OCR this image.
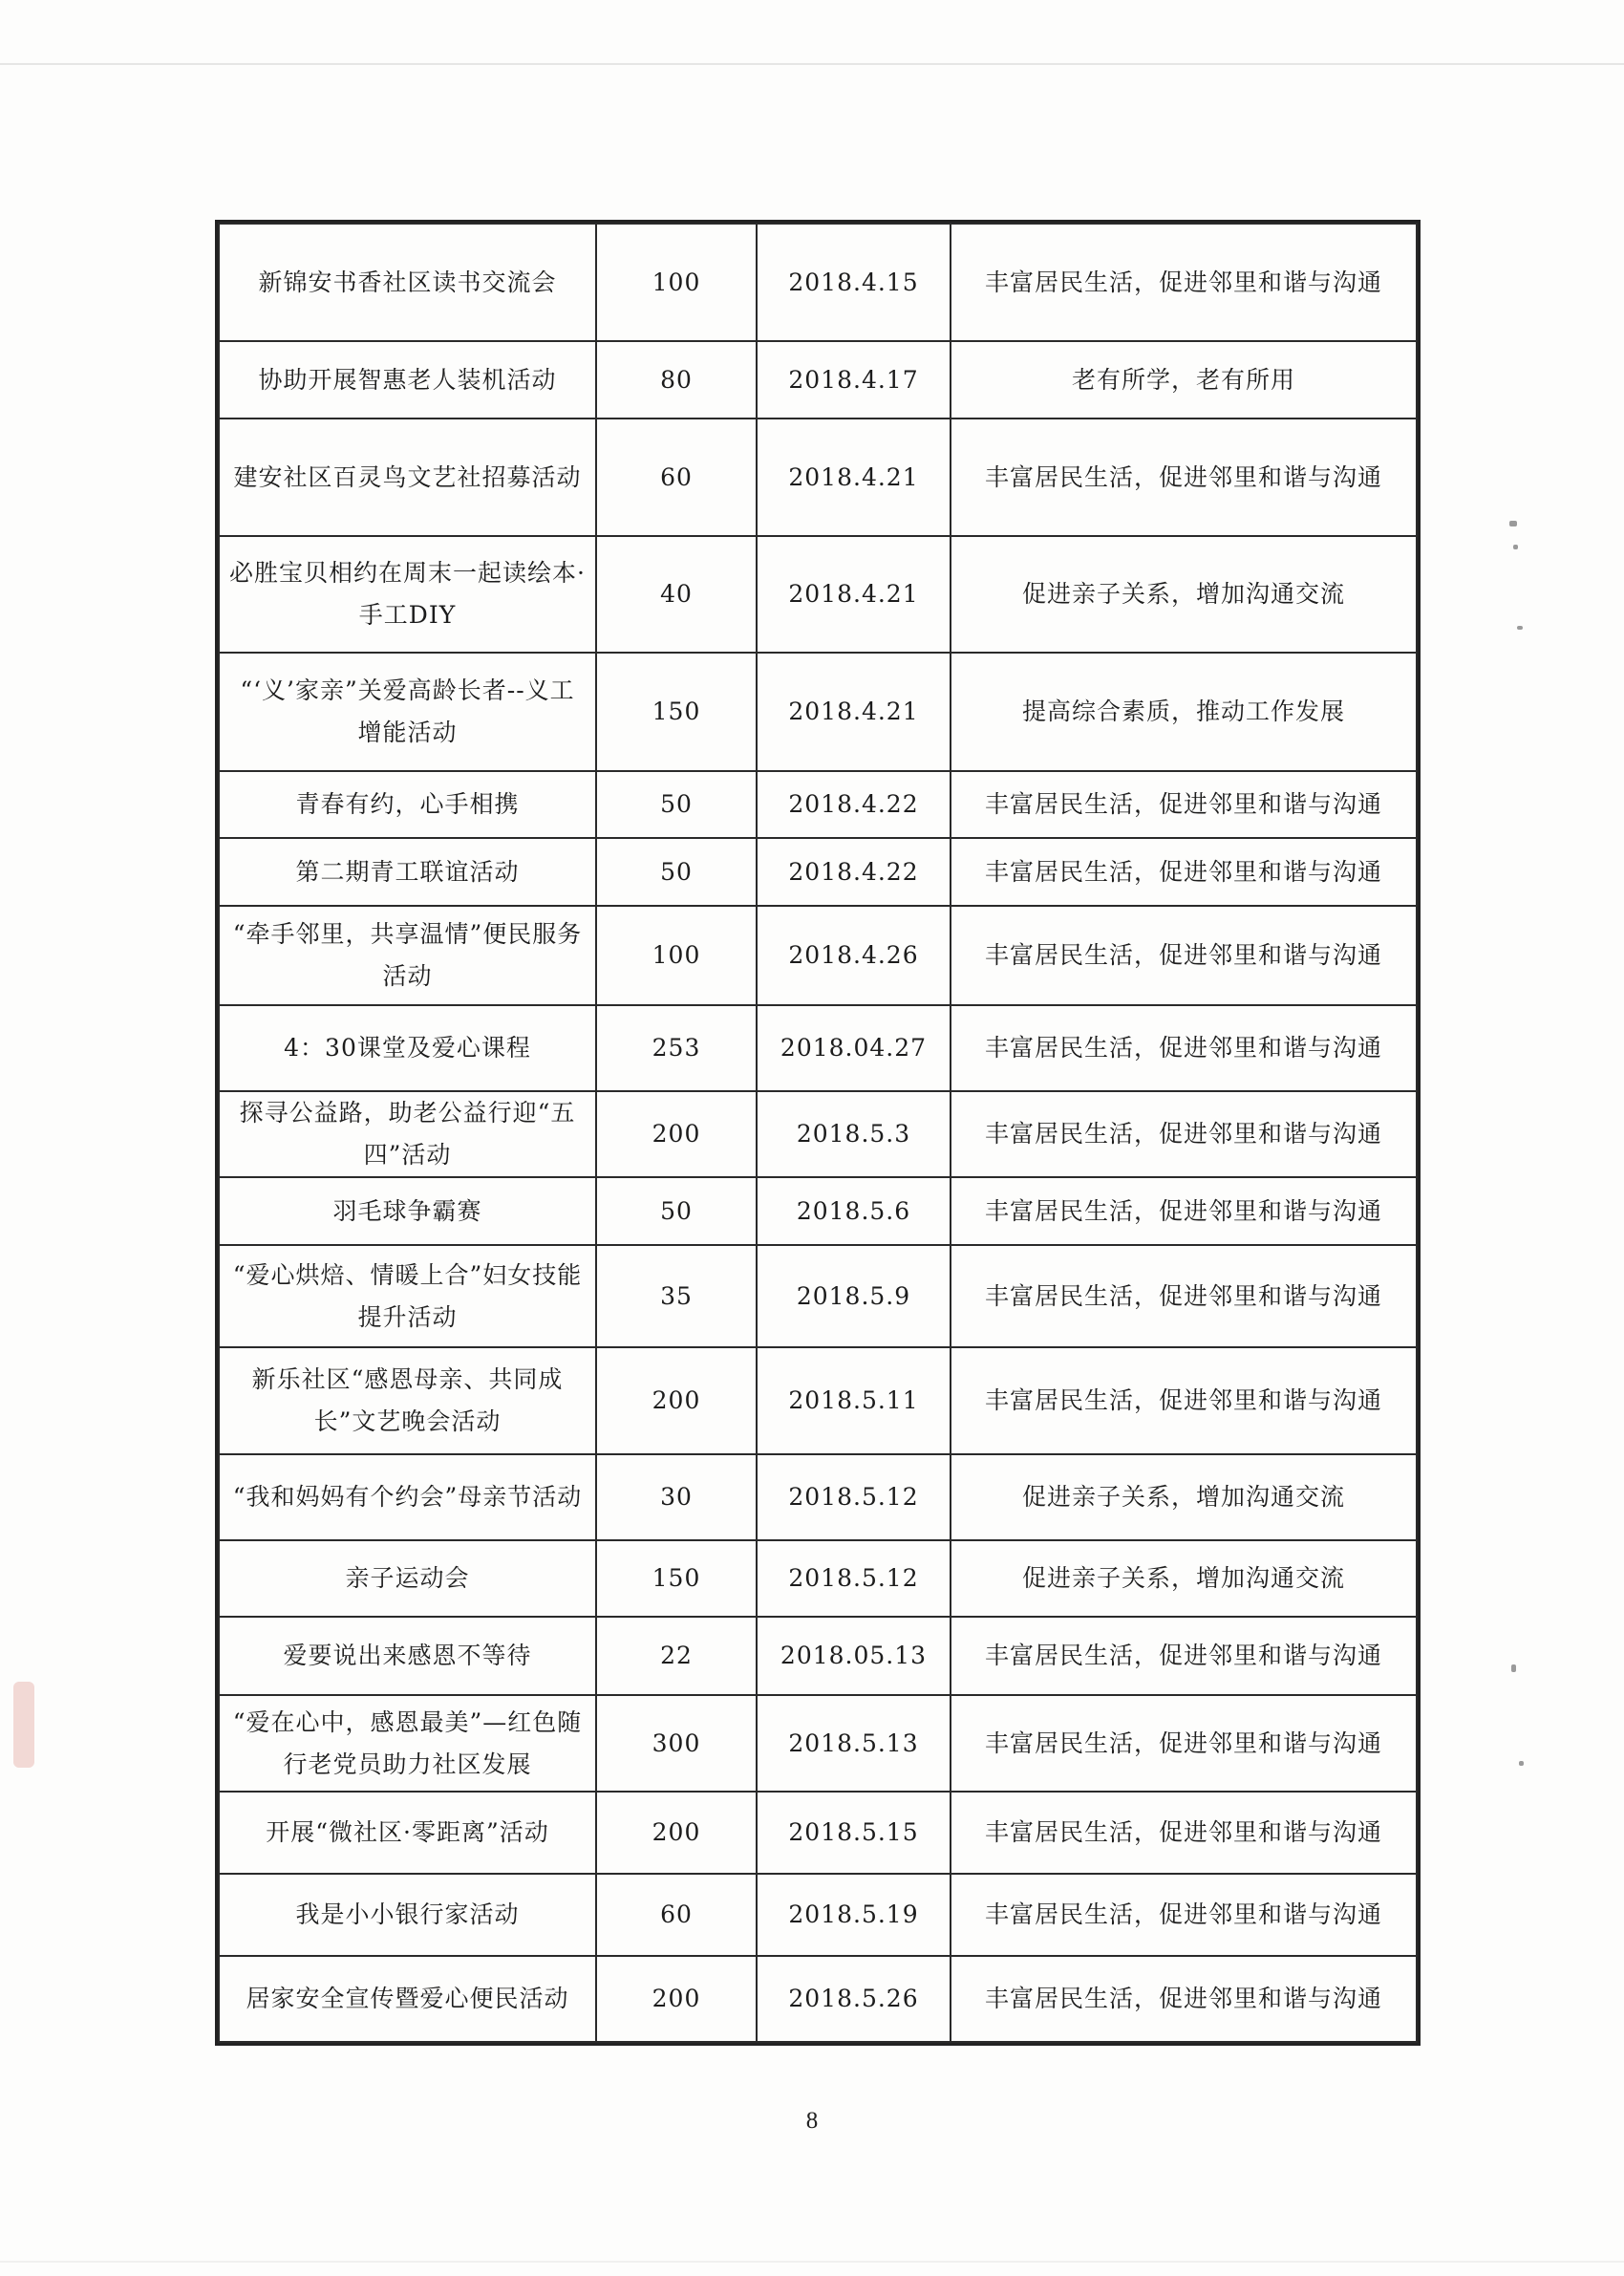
新锦安书香社区读书交流会	100	2018.4.15	丰富居民生活，促进邻里和谐与沟通
协助开展智惠老人装机活动	80	2018.4.17	老有所学，老有所用
建安社区百灵鸟文艺社招募活动	60	2018.4.21	丰富居民生活，促进邻里和谐与沟通
必胜宝贝相约在周末一起读绘本·手工DIY	40	2018.4.21	促进亲子关系，增加沟通交流
“‘义’家亲”关爱高龄长者--义工增能活动	150	2018.4.21	提高综合素质，推动工作发展
青春有约，心手相携	50	2018.4.22	丰富居民生活，促进邻里和谐与沟通
第二期青工联谊活动	50	2018.4.22	丰富居民生活，促进邻里和谐与沟通
“牵手邻里，共享温情”便民服务活动	100	2018.4.26	丰富居民生活，促进邻里和谐与沟通
4：30课堂及爱心课程	253	2018.04.27	丰富居民生活，促进邻里和谐与沟通
探寻公益路，助老公益行迎“五四”活动	200	2018.5.3	丰富居民生活，促进邻里和谐与沟通
羽毛球争霸赛	50	2018.5.6	丰富居民生活，促进邻里和谐与沟通
“爱心烘焙、情暖上合”妇女技能提升活动	35	2018.5.9	丰富居民生活，促进邻里和谐与沟通
新乐社区“感恩母亲、共同成长”文艺晚会活动	200	2018.5.11	丰富居民生活，促进邻里和谐与沟通
“我和妈妈有个约会”母亲节活动	30	2018.5.12	促进亲子关系，增加沟通交流
亲子运动会	150	2018.5.12	促进亲子关系，增加沟通交流
爱要说出来感恩不等待	22	2018.05.13	丰富居民生活，促进邻里和谐与沟通
“爱在心中，感恩最美”—红色随行老党员助力社区发展	300	2018.5.13	丰富居民生活，促进邻里和谐与沟通
开展“微社区·零距离”活动	200	2018.5.15	丰富居民生活，促进邻里和谐与沟通
我是小小银行家活动	60	2018.5.19	丰富居民生活，促进邻里和谐与沟通
居家安全宣传暨爱心便民活动	200	2018.5.26	丰富居民生活，促进邻里和谐与沟通
8
